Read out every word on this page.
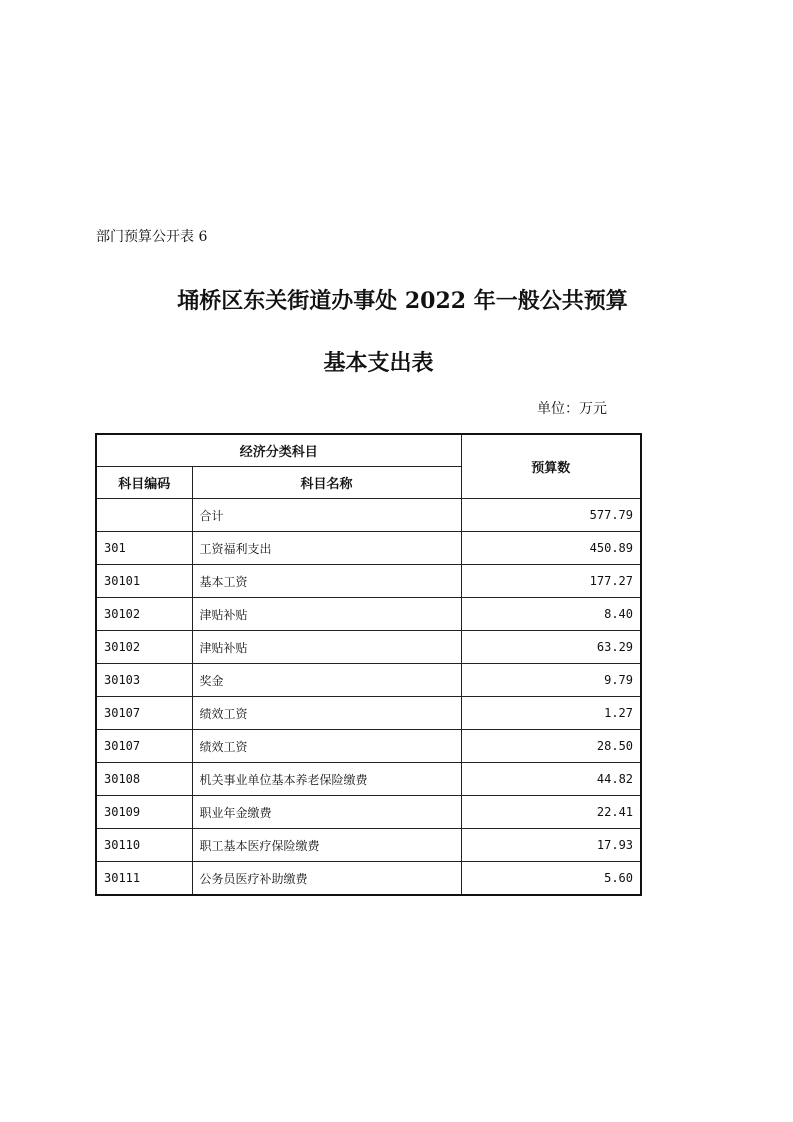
部门预算公开表 6
埇桥区东关街道办事处 2022 年一般公共预算
基本支出表
单位：万元
经济分类科目		预算数
科目编码	科目名称	
	合计	577.79
301	工资福利支出	450.89
30101	基本工资	177.27
30102	津贴补贴	8.40
30102	津贴补贴	63.29
30103	奖金	9.79
30107	绩效工资	1.27
30107	绩效工资	28.50
30108	机关事业单位基本养老保险缴费	44.82
30109	职业年金缴费	22.41
30110	职工基本医疗保险缴费	17.93
30111	公务员医疗补助缴费	5.60
